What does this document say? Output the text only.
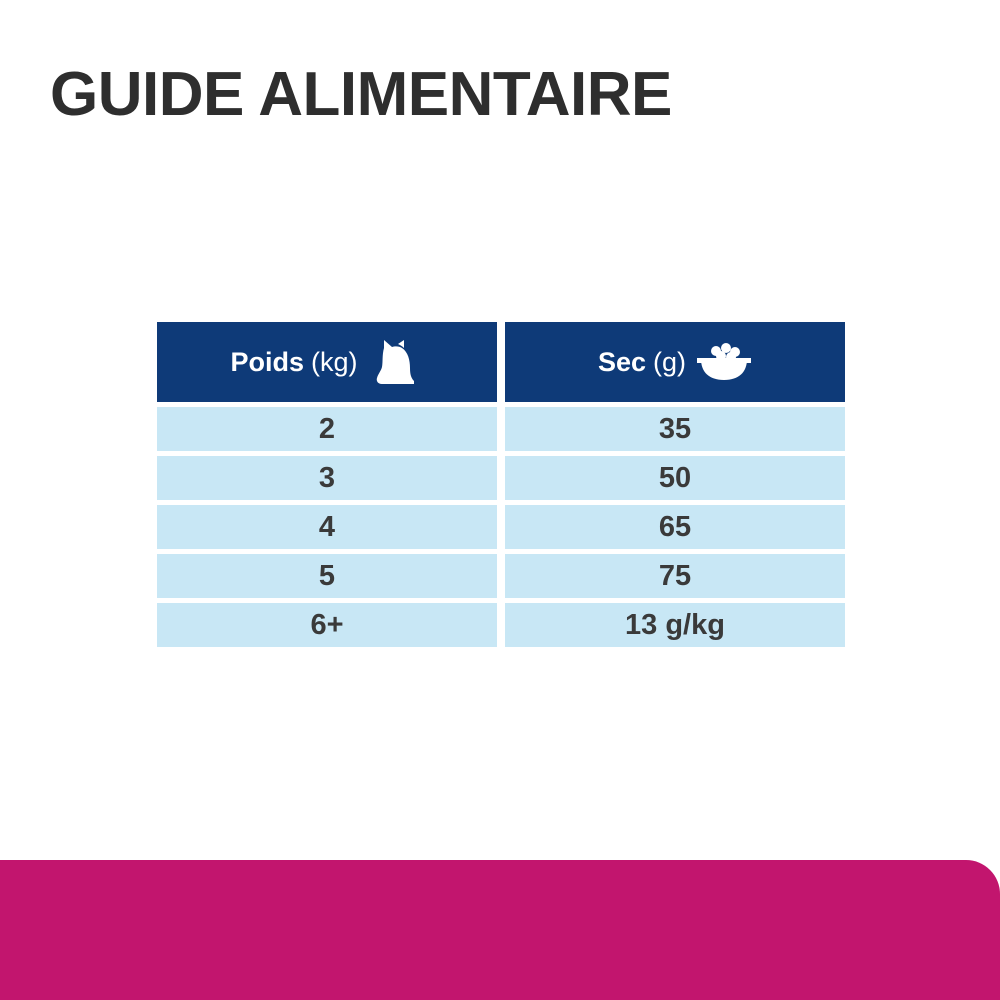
GUIDE ALIMENTAIRE
Poids (kg)	Sec (g)
2	35
3	50
4	65
5	75
6+	13 g/kg
